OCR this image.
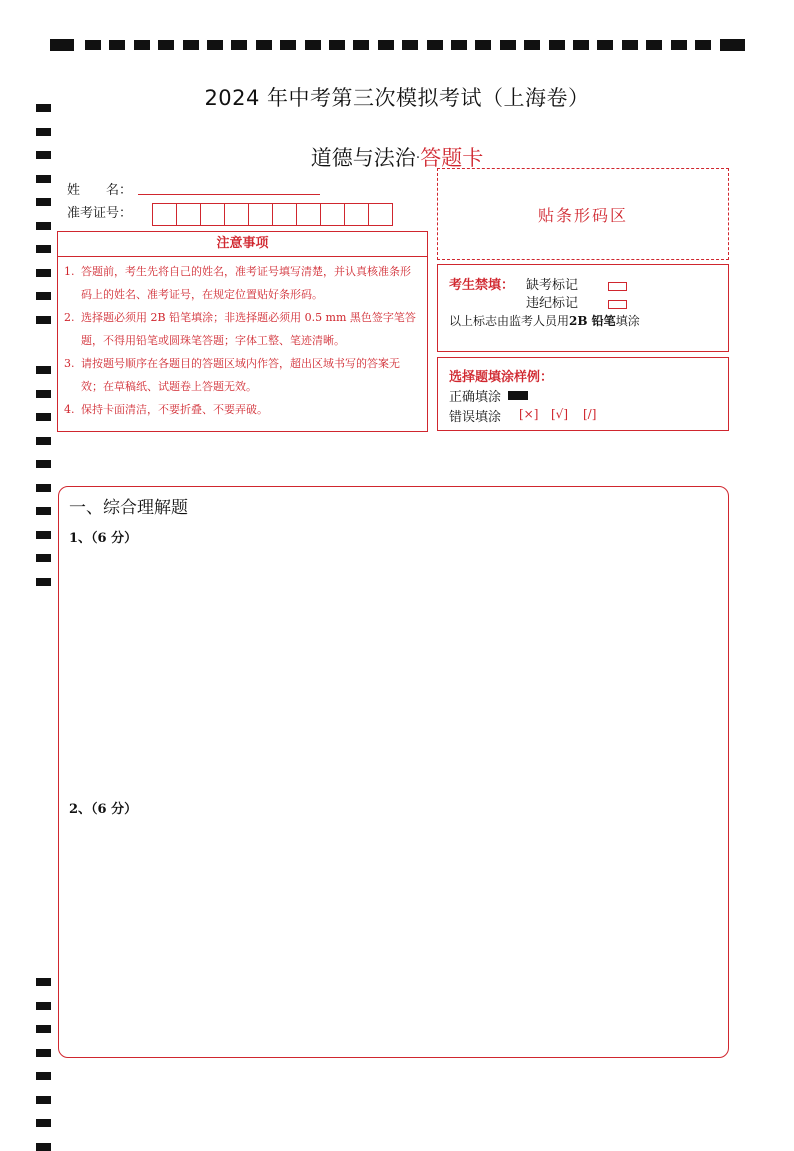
2024 年中考第三次模拟考试（上海卷）
道德与法治·答题卡
姓　　名：
准考证号：	贴条形码区
注意事项
1. 答题前，考生先将自己的姓名，准考证号填写清楚，并认真核准条形码上的姓名、准考证号，在规定位置贴好条形码。
2. 选择题必须用 2B 铅笔填涂；非选择题必须用 0.5 mm 黑色签字笔答题，不得用铅笔或圆珠笔答题；字体工整、笔迹清晰。
3. 请按题号顺序在各题目的答题区域内作答，超出区域书写的答案无效；在草稿纸、试题卷上答题无效。
4. 保持卡面清洁，不要折叠、不要弄破。
考生禁填： 缺考标记
违纪标记
以上标志由监考人员用2B 铅笔填涂
选择题填涂样例：
正确填涂
错误填涂 [×] [√] [/]
一、综合理解题
1、（6 分）
2、（6 分）
